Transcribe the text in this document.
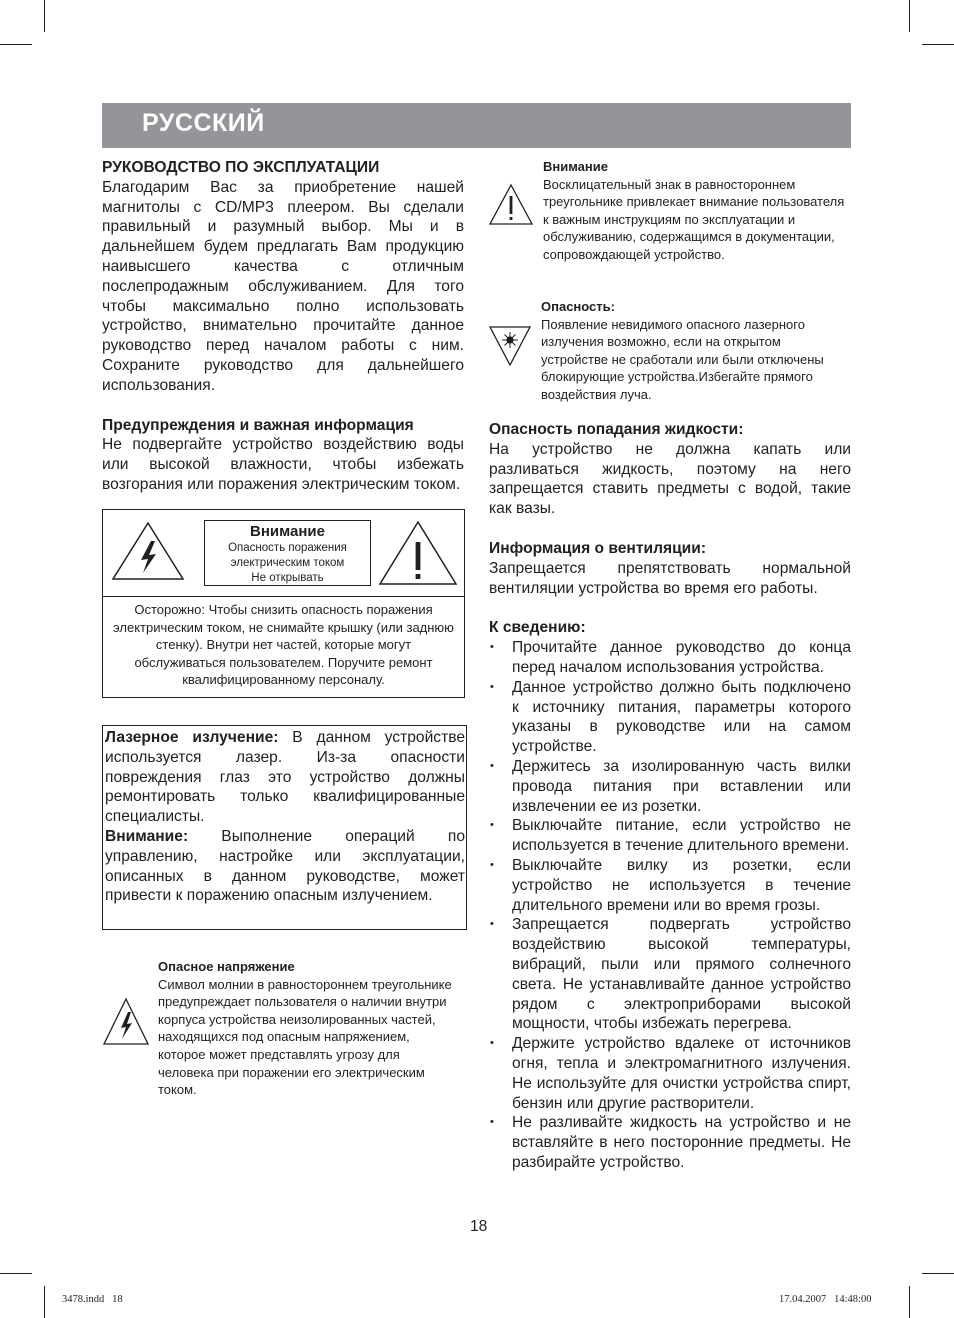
РУССКИЙ

РУКОВОДСТВО ПО ЭКСПЛУАТАЦИИ

Благодарим Вас за приобретение нашей магнитолы с CD/MP3 плеером. Вы сделали правильный и разумный выбор. Мы и в дальнейшем будем предлагать Вам продукцию наивысшего качества с отличным послепродажным обслуживанием. Для того чтобы максимально полно использовать устройство, внимательно прочитайте данное руководство перед началом работы с ним. Сохраните руководство для дальнейшего использования.

Предупреждения и важная информация

Не подвергайте устройство воздействию воды или высокой влажности, чтобы избежать возгорания или поражения электрическим током.

Внимание
Опасность поражения
электрическим током
Не открывать
Осторожно: Чтобы снизить опасность поражения электрическим током, не снимайте крышку (или заднюю стенку). Внутри нет частей, которые могут обслуживаться пользователем. Поручите ремонт квалифицированному персоналу.

Лазерное излучение: В данном устройстве используется лазер. Из-за опасности повреждения глаз это устройство должны ремонтировать только квалифицированные специалисты.

Внимание: Выполнение операций по управлению, настройке или эксплуатации, описанных в данном руководстве, может привести к поражению опасным излучением.

Опасное напряжение
Символ молнии в равностороннем треугольнике предупреждает пользователя о наличии внутри корпуса устройства неизолированных частей, находящихся под опасным напряжением, которое может представлять угрозу для человека при поражении его электрическим током.
Внимание
Восклицательный знак в равностороннем треугольнике привлекает внимание пользователя к важным инструкциям по эксплуатации и обслуживанию, содержащимся в документации, сопровождающей устройство.
Опасность:
Появление невидимого опасного лазерного излучения возможно, если на открытом устройстве не сработали или были отключены блокирующие устройства.Избегайте прямого воздействия луча.

Опасность попадания жидкости:

На устройство не должна капать или разливаться жидкость, поэтому на него запрещается ставить предметы с водой, такие как вазы.

Информация о вентиляции:

Запрещается препятствовать нормальной вентиляции устройства во время его работы.

К сведению:

• Прочитайте данное руководство до конца перед началом использования устройства.
• Данное устройство должно быть подключено к источнику питания, параметры которого указаны в руководстве или на самом устройстве.
• Держитесь за изолированную часть вилки провода питания при вставлении или извлечении ее из розетки.
• Выключайте питание, если устройство не используется в течение длительного времени.
• Выключайте вилку из розетки, если устройство не используется в течение длительного времени или во время грозы.
• Запрещается подвергать устройство воздействию высокой температуры, вибраций, пыли или прямого солнечного света. Не устанавливайте данное устройство рядом с электроприборами высокой мощности, чтобы избежать перегрева.
• Держите устройство вдалеке от источников огня, тепла и электромагнитного излучения. Не используйте для очистки устройства спирт, бензин или другие растворители.
• Не разливайте жидкость на устройство и не вставляйте в него посторонние предметы. Не разбирайте устройство.
18
3478.indd   18	17.04.2007   14:48:00
